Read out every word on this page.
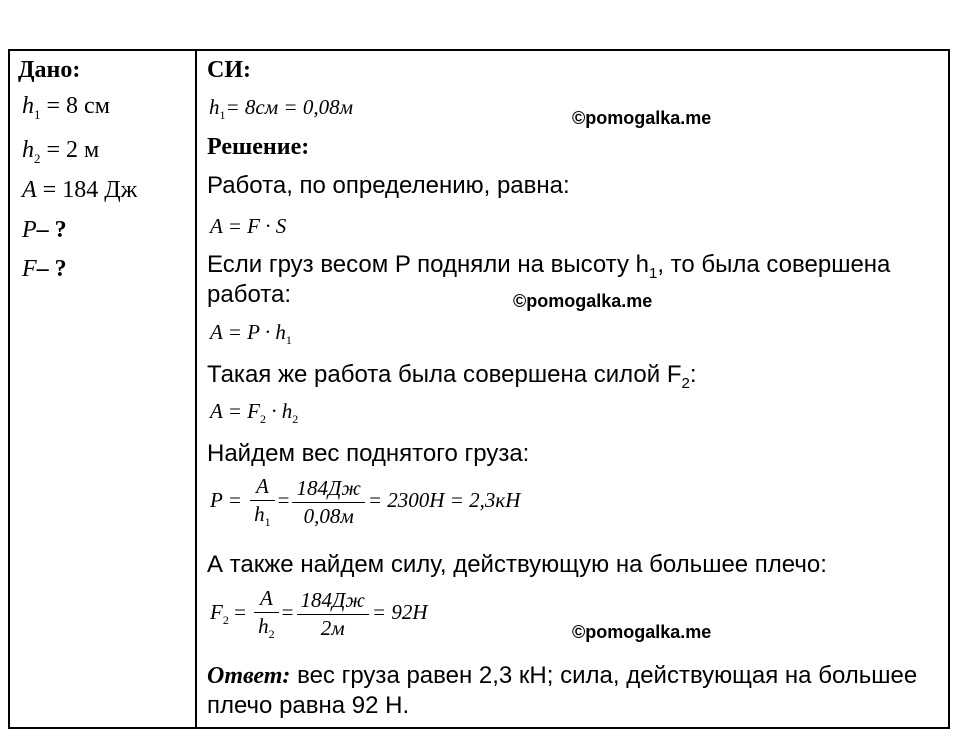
Дано:
$h_1 = 8$ см
$h_2 = 2$ м
A = 184 Дж
P– ?
F– ?
СИ:
$h_1= 8см = 0,08м$	©pomogalka.me
Решение:
Работа, по определению, равна:
A = F · S
Если груз весом P подняли на высоту $h_1$, то была совершена
работа:	©pomogalka.me
$A = P \cdot h_1$
Такая же работа была совершена силой $F_2$:
$A = F_2 \cdot h_2$
Найдем вес поднятого груза:
$P = \frac{A}{h_1} = \frac{184Дж}{0,08м} = 2300H = 2,3кH$
А также найдем силу, действующую на большее плечо:
$F_2 = \frac{A}{h_2} = \frac{184Дж}{2м} = 92H$
©pomogalka.me
Ответ: вес груза равен 2,3 кН; сила, действующая на большее
плечо равна 92 Н.
